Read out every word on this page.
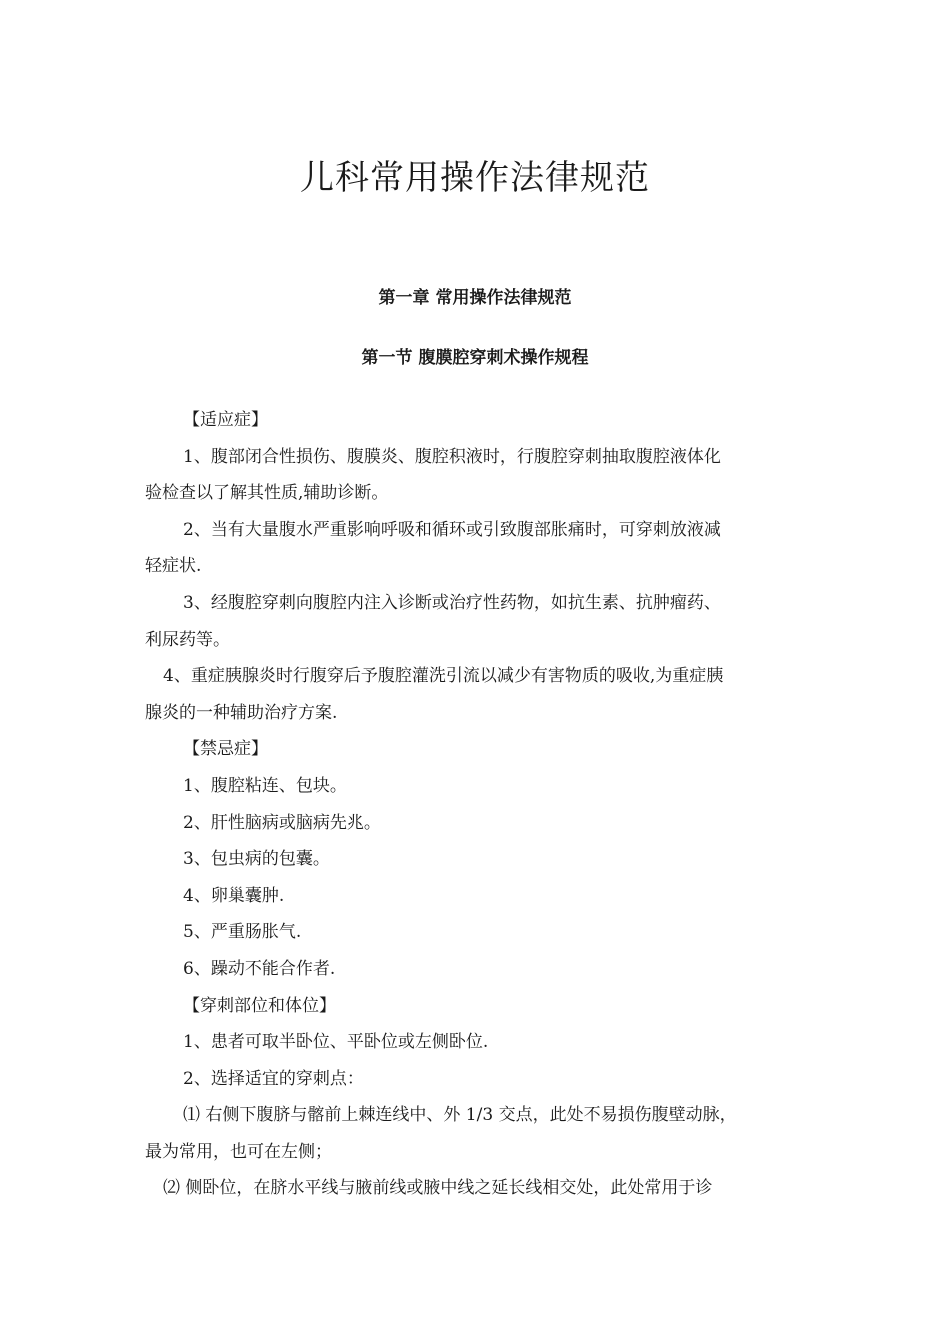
儿科常用操作法律规范
第一章 常用操作法律规范
第一节 腹膜腔穿刺术操作规程
【适应症】
1、腹部闭合性损伤、腹膜炎、腹腔积液时，行腹腔穿刺抽取腹腔液体化
验检查以了解其性质,辅助诊断。
2、当有大量腹水严重影响呼吸和循环或引致腹部胀痛时，可穿刺放液减
轻症状.
3、经腹腔穿刺向腹腔内注入诊断或治疗性药物，如抗生素、抗肿瘤药、
利尿药等。
4、重症胰腺炎时行腹穿后予腹腔灌洗引流以减少有害物质的吸收,为重症胰
腺炎的一种辅助治疗方案.
【禁忌症】
1、腹腔粘连、包块。
2、肝性脑病或脑病先兆。
3、包虫病的包囊。
4、卵巢囊肿.
5、严重肠胀气.
6、躁动不能合作者.
【穿刺部位和体位】
1、患者可取半卧位、平卧位或左侧卧位.
2、选择适宜的穿刺点：
⑴ 右侧下腹脐与髂前上棘连线中、外 1/3 交点，此处不易损伤腹壁动脉，
最为常用，也可在左侧；
⑵ 侧卧位，在脐水平线与腋前线或腋中线之延长线相交处，此处常用于诊
